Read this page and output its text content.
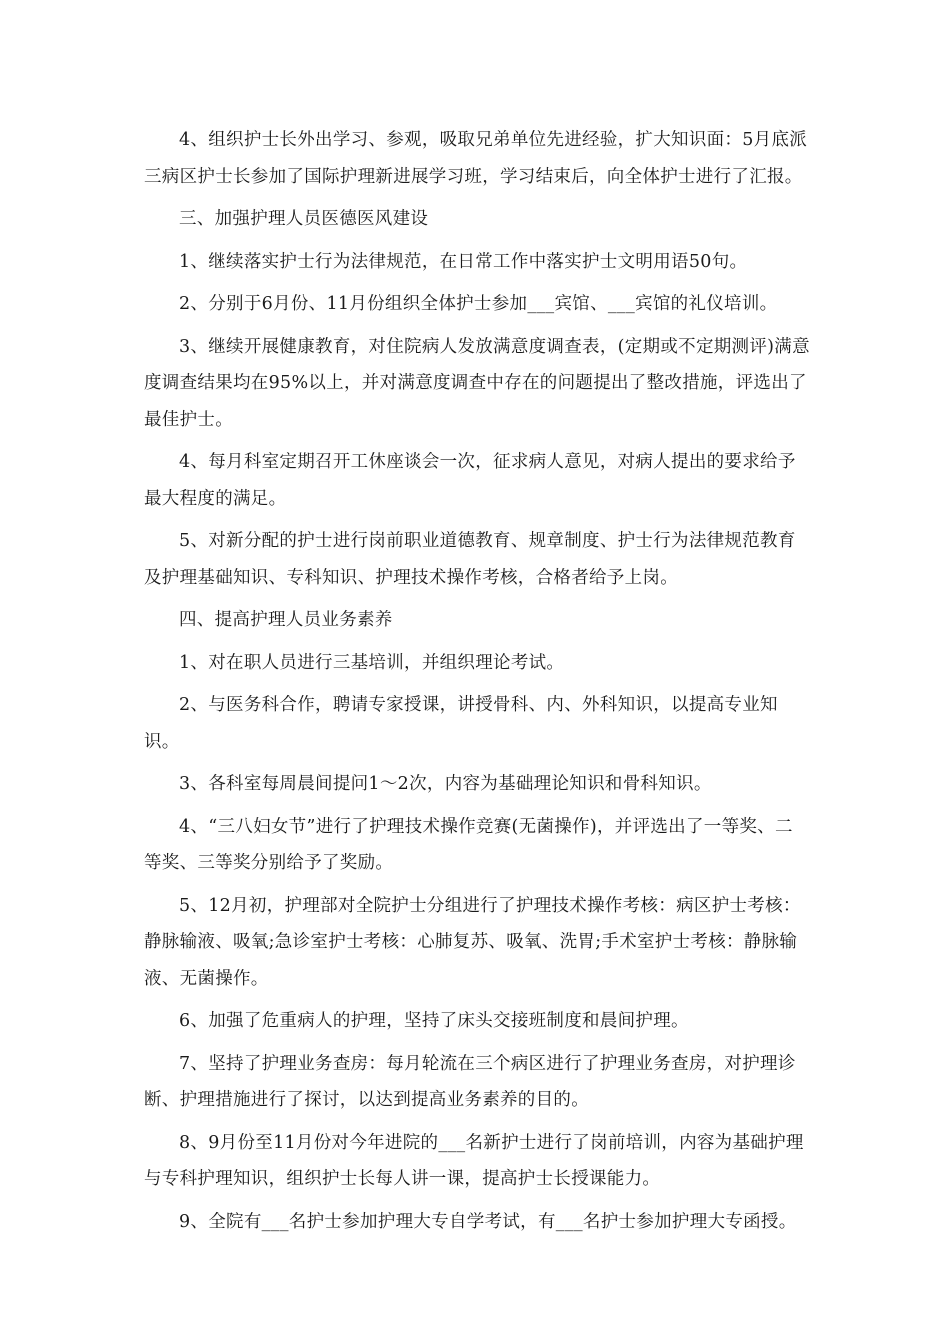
4、组织护士长外出学习、参观，吸取兄弟单位先进经验，扩大知识面：5月底派三病区护士长参加了国际护理新进展学习班，学习结束后，向全体护士进行了汇报。

三、加强护理人员医德医风建设

1、继续落实护士行为法律规范，在日常工作中落实护士文明用语50句。

2、分别于6月份、11月份组织全体护士参加___宾馆、___宾馆的礼仪培训。

3、继续开展健康教育，对住院病人发放满意度调查表，(定期或不定期测评)满意度调查结果均在95%以上，并对满意度调查中存在的问题提出了整改措施，评选出了最佳护士。

4、每月科室定期召开工休座谈会一次，征求病人意见，对病人提出的要求给予最大程度的满足。

5、对新分配的护士进行岗前职业道德教育、规章制度、护士行为法律规范教育及护理基础知识、专科知识、护理技术操作考核，合格者给予上岗。

四、提高护理人员业务素养

1、对在职人员进行三基培训，并组织理论考试。

2、与医务科合作，聘请专家授课，讲授骨科、内、外科知识，以提高专业知识。

3、各科室每周晨间提问1～2次，内容为基础理论知识和骨科知识。

4、“三八妇女节”进行了护理技术操作竞赛(无菌操作)，并评选出了一等奖、二等奖、三等奖分别给予了奖励。

5、12月初，护理部对全院护士分组进行了护理技术操作考核：病区护士考核：静脉输液、吸氧;急诊室护士考核：心肺复苏、吸氧、洗胃;手术室护士考核：静脉输液、无菌操作。

6、加强了危重病人的护理，坚持了床头交接班制度和晨间护理。

7、坚持了护理业务查房：每月轮流在三个病区进行了护理业务查房，对护理诊断、护理措施进行了探讨，以达到提高业务素养的目的。

8、9月份至11月份对今年进院的___名新护士进行了岗前培训，内容为基础护理与专科护理知识，组织护士长每人讲一课，提高护士长授课能力。

9、全院有___名护士参加护理大专自学考试，有___名护士参加护理大专函授。
